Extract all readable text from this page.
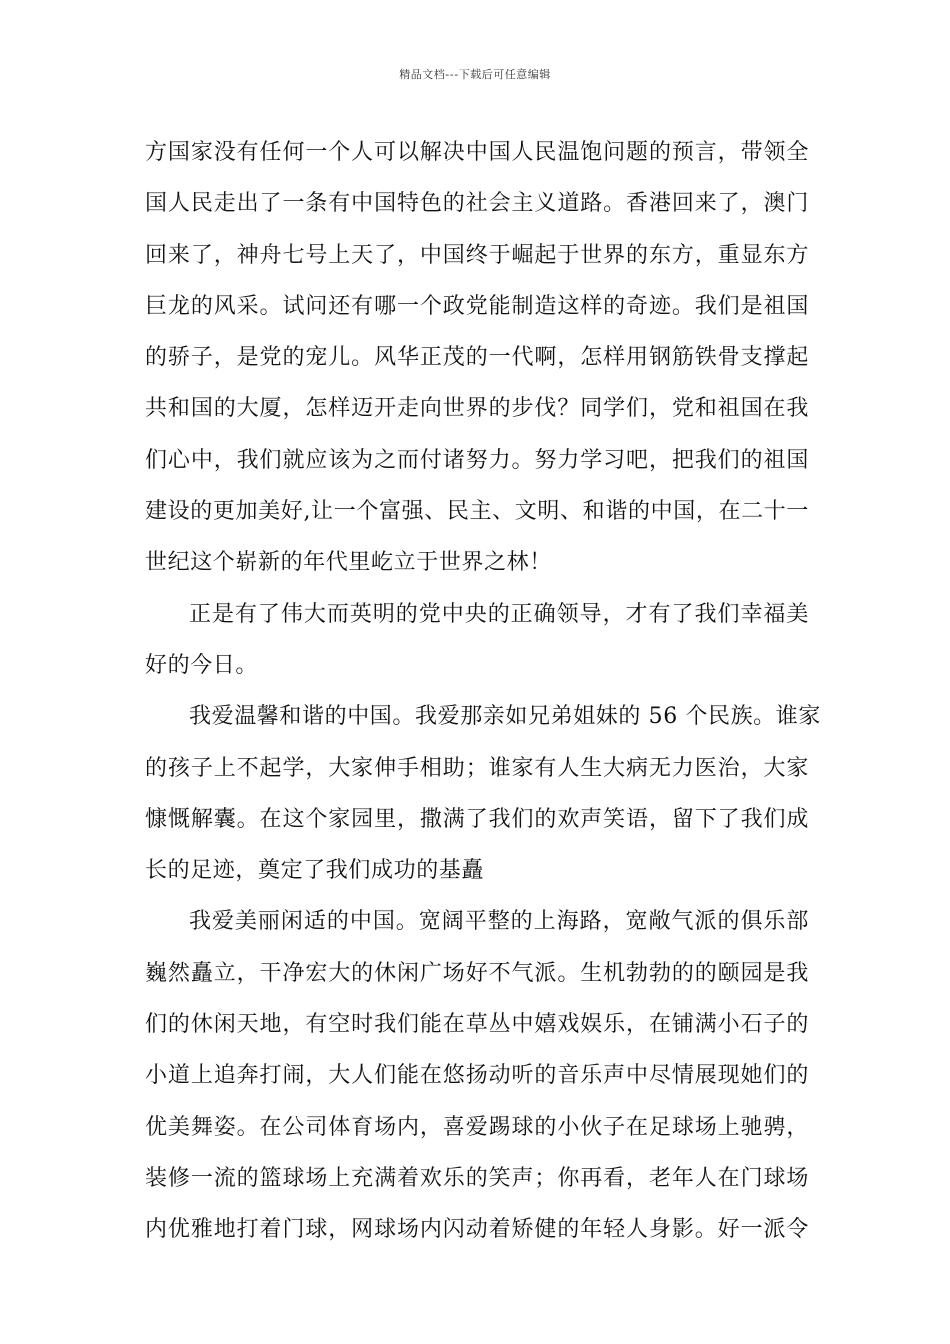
精品文档---下载后可任意编辑
方国家没有任何一个人可以解决中国人民温饱问题的预言，带领全
国人民走出了一条有中国特色的社会主义道路。香港回来了，澳门
回来了，神舟七号上天了，中国终于崛起于世界的东方，重显东方
巨龙的风采。试问还有哪一个政党能制造这样的奇迹。我们是祖国
的骄子，是党的宠儿。风华正茂的一代啊，怎样用钢筋铁骨支撑起
共和国的大厦，怎样迈开走向世界的步伐？同学们，党和祖国在我
们心中，我们就应该为之而付诸努力。努力学习吧，把我们的祖国
建设的更加美好,让一个富强、民主、文明、和谐的中国，在二十一
世纪这个崭新的年代里屹立于世界之林！
正是有了伟大而英明的党中央的正确领导，才有了我们幸福美
好的今日。
我爱温馨和谐的中国。我爱那亲如兄弟姐妹的 56 个民族。谁家
的孩子上不起学，大家伸手相助；谁家有人生大病无力医治，大家
慷慨解囊。在这个家园里，撒满了我们的欢声笑语，留下了我们成
长的足迹，奠定了我们成功的基矗
我爱美丽闲适的中国。宽阔平整的上海路，宽敞气派的俱乐部
巍然矗立，干净宏大的休闲广场好不气派。生机勃勃的的颐园是我
们的休闲天地，有空时我们能在草丛中嬉戏娱乐，在铺满小石子的
小道上追奔打闹，大人们能在悠扬动听的音乐声中尽情展现她们的
优美舞姿。在公司体育场内，喜爱踢球的小伙子在足球场上驰骋，
装修一流的篮球场上充满着欢乐的笑声；你再看，老年人在门球场
内优雅地打着门球，网球场内闪动着矫健的年轻人身影。好一派令
